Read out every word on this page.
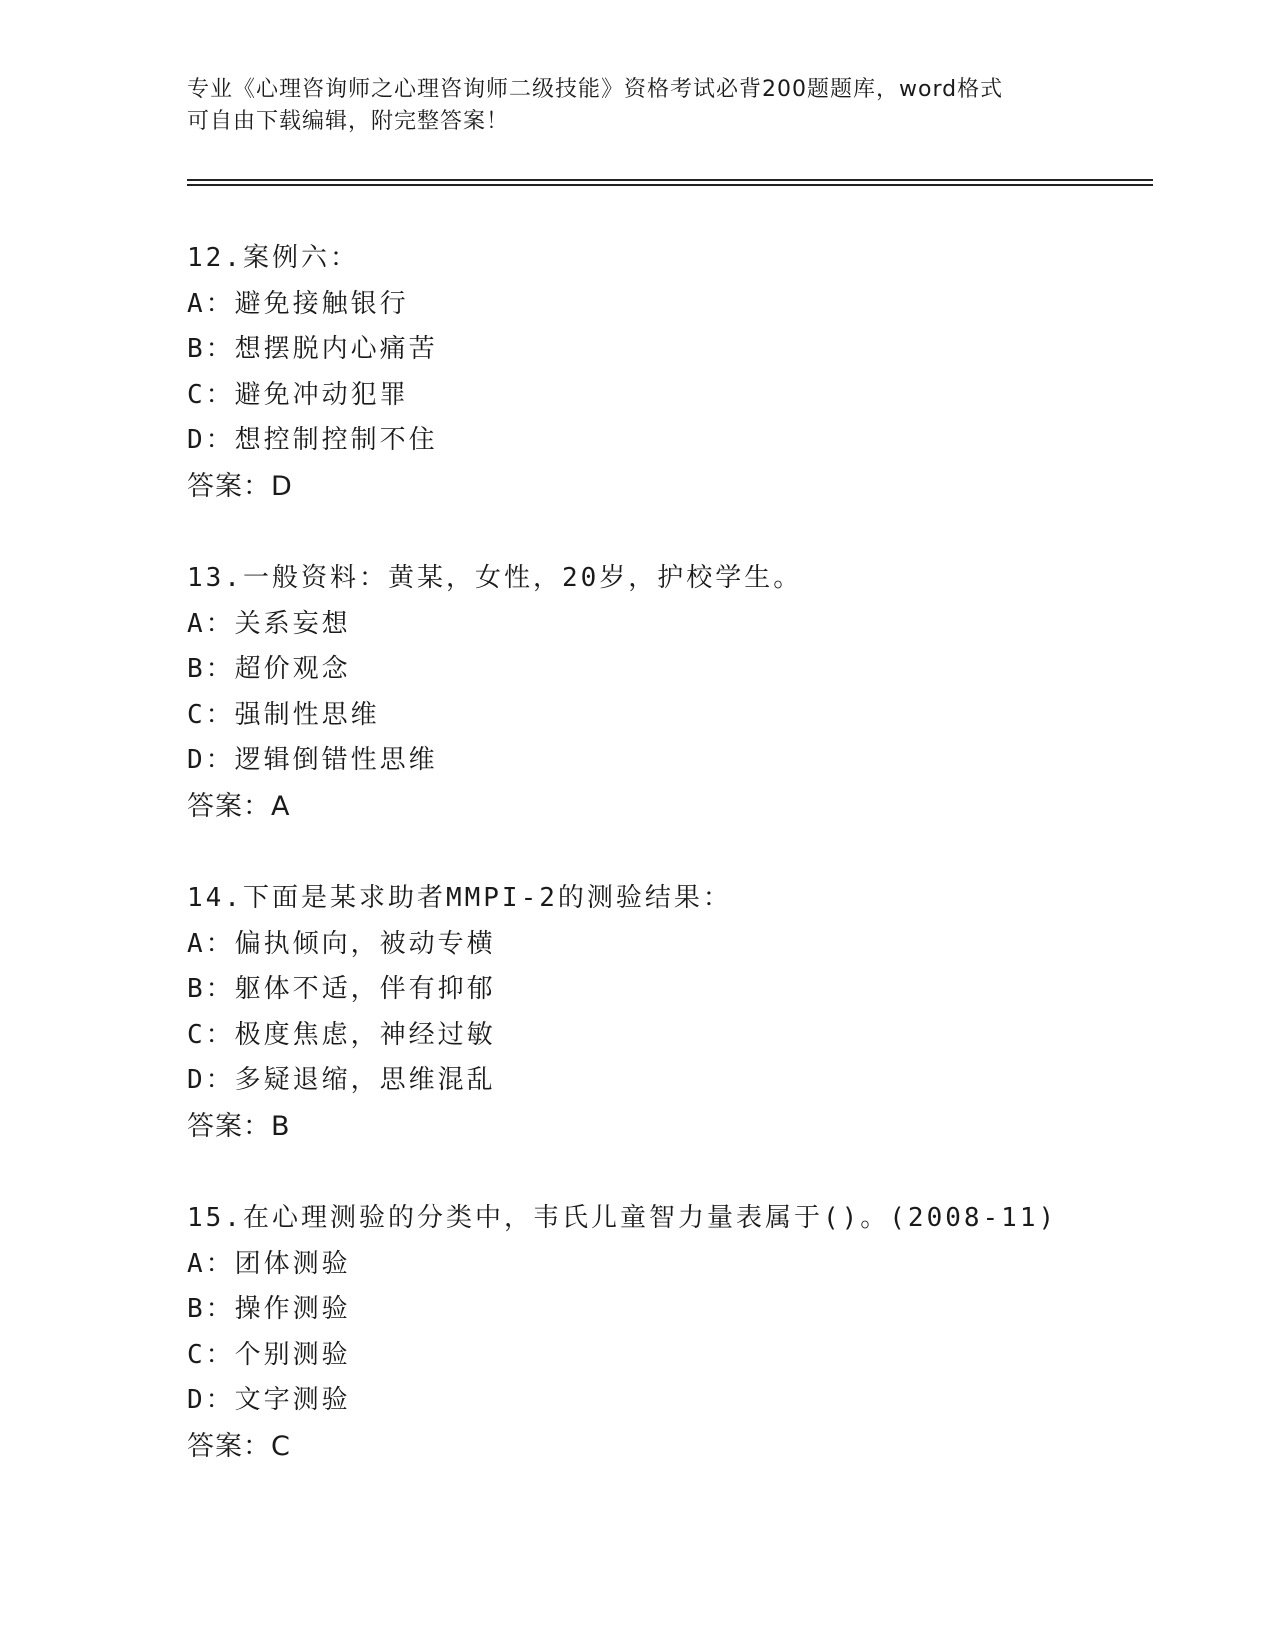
专业《心理咨询师之心理咨询师二级技能》资格考试必背200题题库，word格式
可自由下载编辑，附完整答案！
12.案例六：
A：避免接触银行
B：想摆脱内心痛苦
C：避免冲动犯罪
D：想控制控制不住
答案：D
13.一般资料：黄某，女性，20岁，护校学生。
A：关系妄想
B：超价观念
C：强制性思维
D：逻辑倒错性思维
答案：A
14.下面是某求助者MMPI-2的测验结果：
A：偏执倾向，被动专横
B：躯体不适，伴有抑郁
C：极度焦虑，神经过敏
D：多疑退缩，思维混乱
答案：B
15.在心理测验的分类中，韦氏儿童智力量表属于()。(2008-11)
A：团体测验
B：操作测验
C：个别测验
D：文字测验
答案：C
